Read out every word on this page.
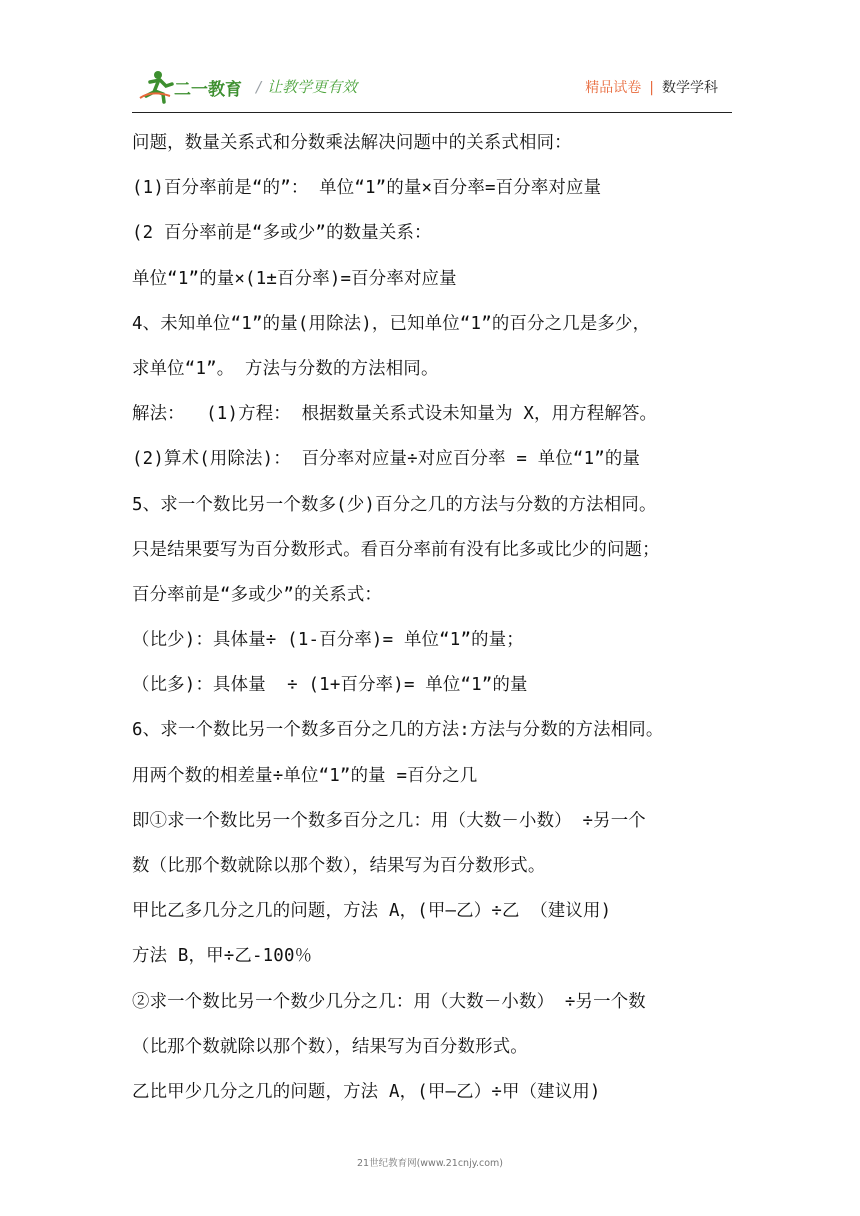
二一教育 / 让教学更有效	精品试卷 | 数学学科
问题，数量关系式和分数乘法解决问题中的关系式相同：
(1)百分率前是“的”： 单位“1”的量×百分率=百分率对应量
(2 百分率前是“多或少”的数量关系：
单位“1”的量×(1±百分率)=百分率对应量
4、未知单位“1”的量(用除法)，已知单位“1”的百分之几是多少，
求单位“1”。 方法与分数的方法相同。
解法：  (1)方程： 根据数量关系式设未知量为 X，用方程解答。
(2)算术(用除法)： 百分率对应量÷对应百分率 = 单位“1”的量
5、求一个数比另一个数多(少)百分之几的方法与分数的方法相同。
只是结果要写为百分数形式。看百分率前有没有比多或比少的问题；
百分率前是“多或少”的关系式：
（比少)：具体量÷ (1-百分率)= 单位“1”的量；
（比多)：具体量  ÷ (1+百分率)= 单位“1”的量
6、求一个数比另一个数多百分之几的方法:方法与分数的方法相同。
用两个数的相差量÷单位“1”的量 =百分之几
即①求一个数比另一个数多百分之几：用（大数－小数） ÷另一个
数（比那个数就除以那个数），结果写为百分数形式。
甲比乙多几分之几的问题，方法 A，(甲—乙）÷乙 （建议用)
方法 B，甲÷乙-100％
②求一个数比另一个数少几分之几：用（大数－小数） ÷另一个数
（比那个数就除以那个数），结果写为百分数形式。
乙比甲少几分之几的问题，方法 A，(甲—乙）÷甲（建议用)
21世纪教育网(www.21cnjy.com)
